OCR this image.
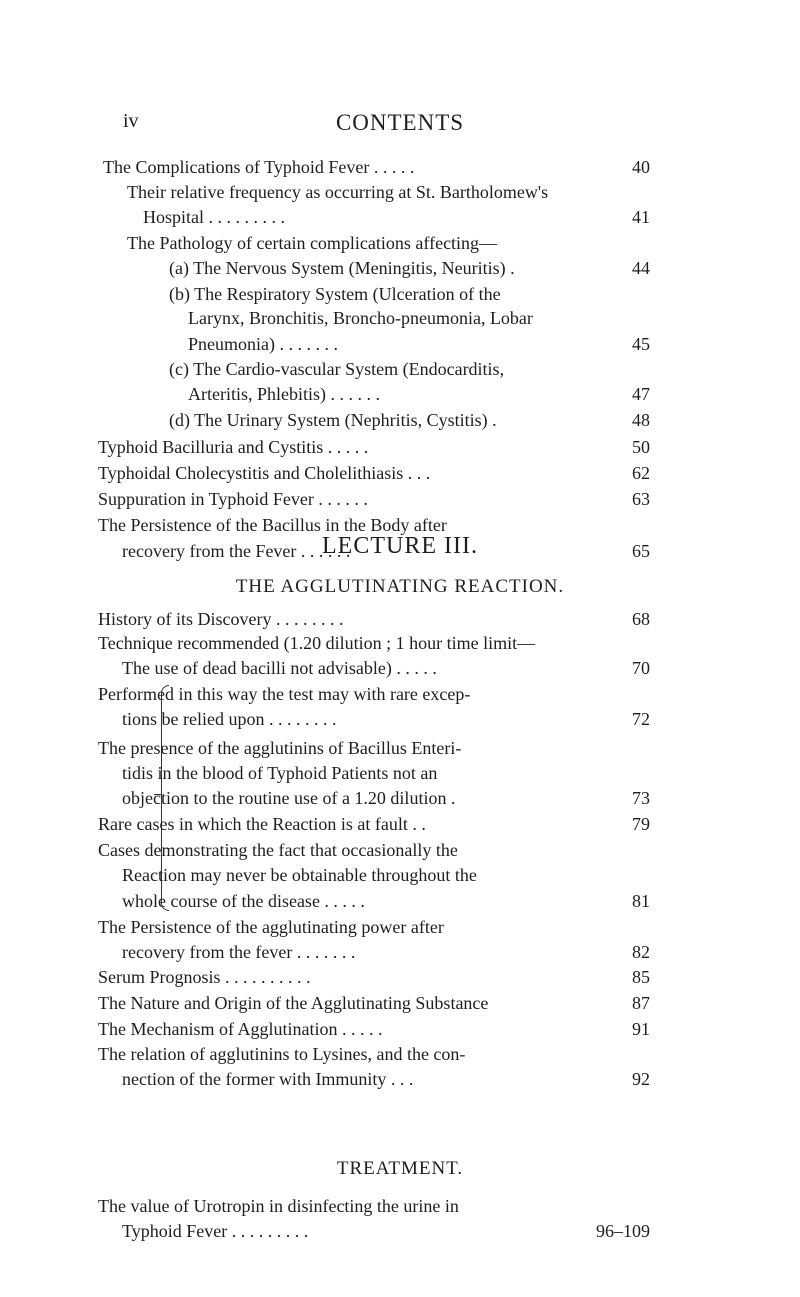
iv	CONTENTS
LECTURE III.
THE AGGLUTINATING REACTION.
TREATMENT.
The Complications of Typhoid Fever . . . . .	40
Their relative frequency as occurring at St. Bartholomew's
Hospital . . . . . . . . .	41
The Pathology of certain complications affecting—
(a) The Nervous System (Meningitis, Neuritis) .	44
(b) The Respiratory System (Ulceration of the
Larynx, Bronchitis, Broncho-pneumonia, Lobar
Pneumonia) . . . . . . .	45
(c) The Cardio-vascular System (Endocarditis,
Arteritis, Phlebitis) . . . . . .	47
(d) The Urinary System (Nephritis, Cystitis) .	48
Typhoid Bacilluria and Cystitis . . . . .	50
Typhoidal Cholecystitis and Cholelithiasis . . .	62
Suppuration in Typhoid Fever . . . . . .	63
The Persistence of the Bacillus in the Body after
recovery from the Fever . . . . . .	65
History of its Discovery . . . . . . . .	68
Technique recommended (1.20 dilution ; 1 hour time limit—
The use of dead bacilli not advisable) . . . . .	70
Performed in this way the test may with rare excep-
tions be relied upon . . . . . . . .	72
The presence of the agglutinins of Bacillus Enteri-
tidis in the blood of Typhoid Patients not an
objection to the routine use of a 1.20 dilution .	73
Rare cases in which the Reaction is at fault . .	79
Cases demonstrating the fact that occasionally the
Reaction may never be obtainable throughout the
whole course of the disease . . . . .	81
The Persistence of the agglutinating power after
recovery from the fever . . . . . . .	82
Serum Prognosis . . . . . . . . . .	85
The Nature and Origin of the Agglutinating Substance	87
The Mechanism of Agglutination . . . . .	91
The relation of agglutinins to Lysines, and the con-
nection of the former with Immunity . . .	92
The value of Urotropin in disinfecting the urine in
Typhoid Fever . . . . . . . . .	96–109
